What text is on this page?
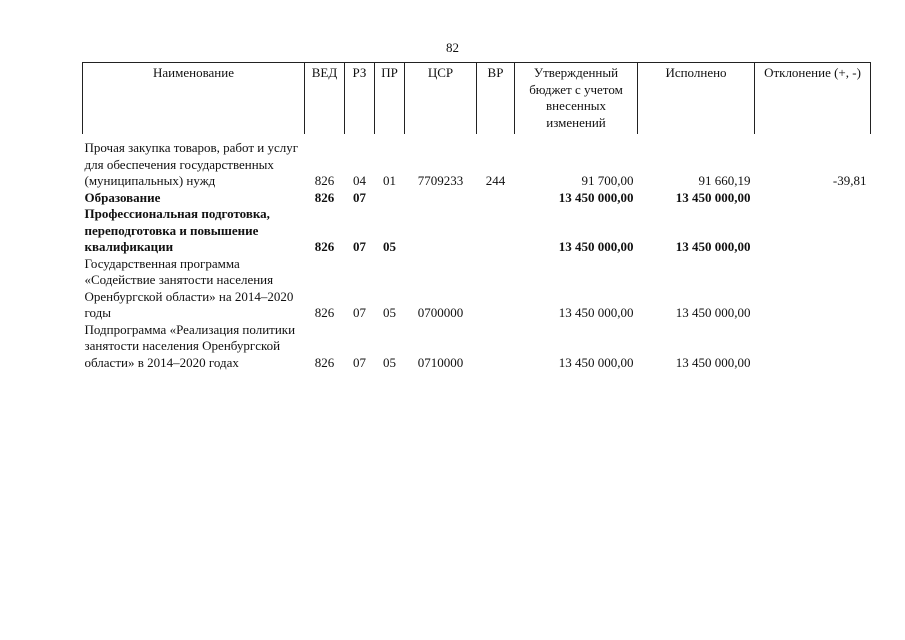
82
Наименование	ВЕД	РЗ	ПР	ЦСР	ВР	Утвержденный бюджет с учетом внесенных изменений	Исполнено	Отклонение (+, -)

Прочая закупка товаров, работ и услуг для обеспечения государственных (муниципальных) нужд	826	04	01	7709233	244	91 700,00	91 660,19	-39,81
Образование	826	07				13 450 000,00	13 450 000,00	
Профессиональная подготовка, переподготовка и повышение квалификации	826	07	05			13 450 000,00	13 450 000,00	
Государственная программа «Содействие занятости населения Оренбургской области» на 2014–2020 годы	826	07	05	0700000		13 450 000,00	13 450 000,00	
Подпрограмма «Реализация политики занятости населения Оренбургской области» в 2014–2020 годах	826	07	05	0710000		13 450 000,00	13 450 000,00	
